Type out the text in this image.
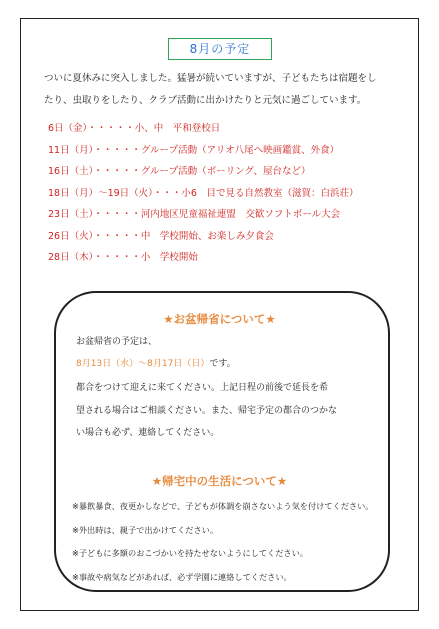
8月の予定

ついに夏休みに突入しました。猛暑が続いていますが、子どもたちは宿題をし

たり、虫取りをしたり、クラブ活動に出かけたりと元気に過ごしています。

6日（金）・・・・・小、中　平和登校日
11日（月）・・・・・グループ活動（アリオ八尾へ映画鑑賞、外食）
16日（土）・・・・・グループ活動（ボーリング、屋台など）
18日（月）～19日（火）・・・小6　目で見る自然教室（滋賀：白浜荘）
23日（土）・・・・・河内地区児童福祉連盟　交歓ソフトボール大会
26日（火）・・・・・中　学校開始、お楽しみ夕食会
28日（木）・・・・・小　学校開始
★お盆帰省について★
お盆帰省の予定は、
8月13日（水）～8月17日（日）です。
都合をつけて迎えに来てください。上記日程の前後で延長を希
望される場合はご相談ください。また、帰宅予定の都合のつかな
い場合も必ず、連絡してください。
★帰宅中の生活について★
※暴飲暴食、夜更かしなどで、子どもが体調を崩さないよう気を付けてください。
※外出時は、親子で出かけてください。
※子どもに多額のおこづかいを持たせないようにしてください。
※事故や病気などがあれば、必ず学園に連絡してください。
